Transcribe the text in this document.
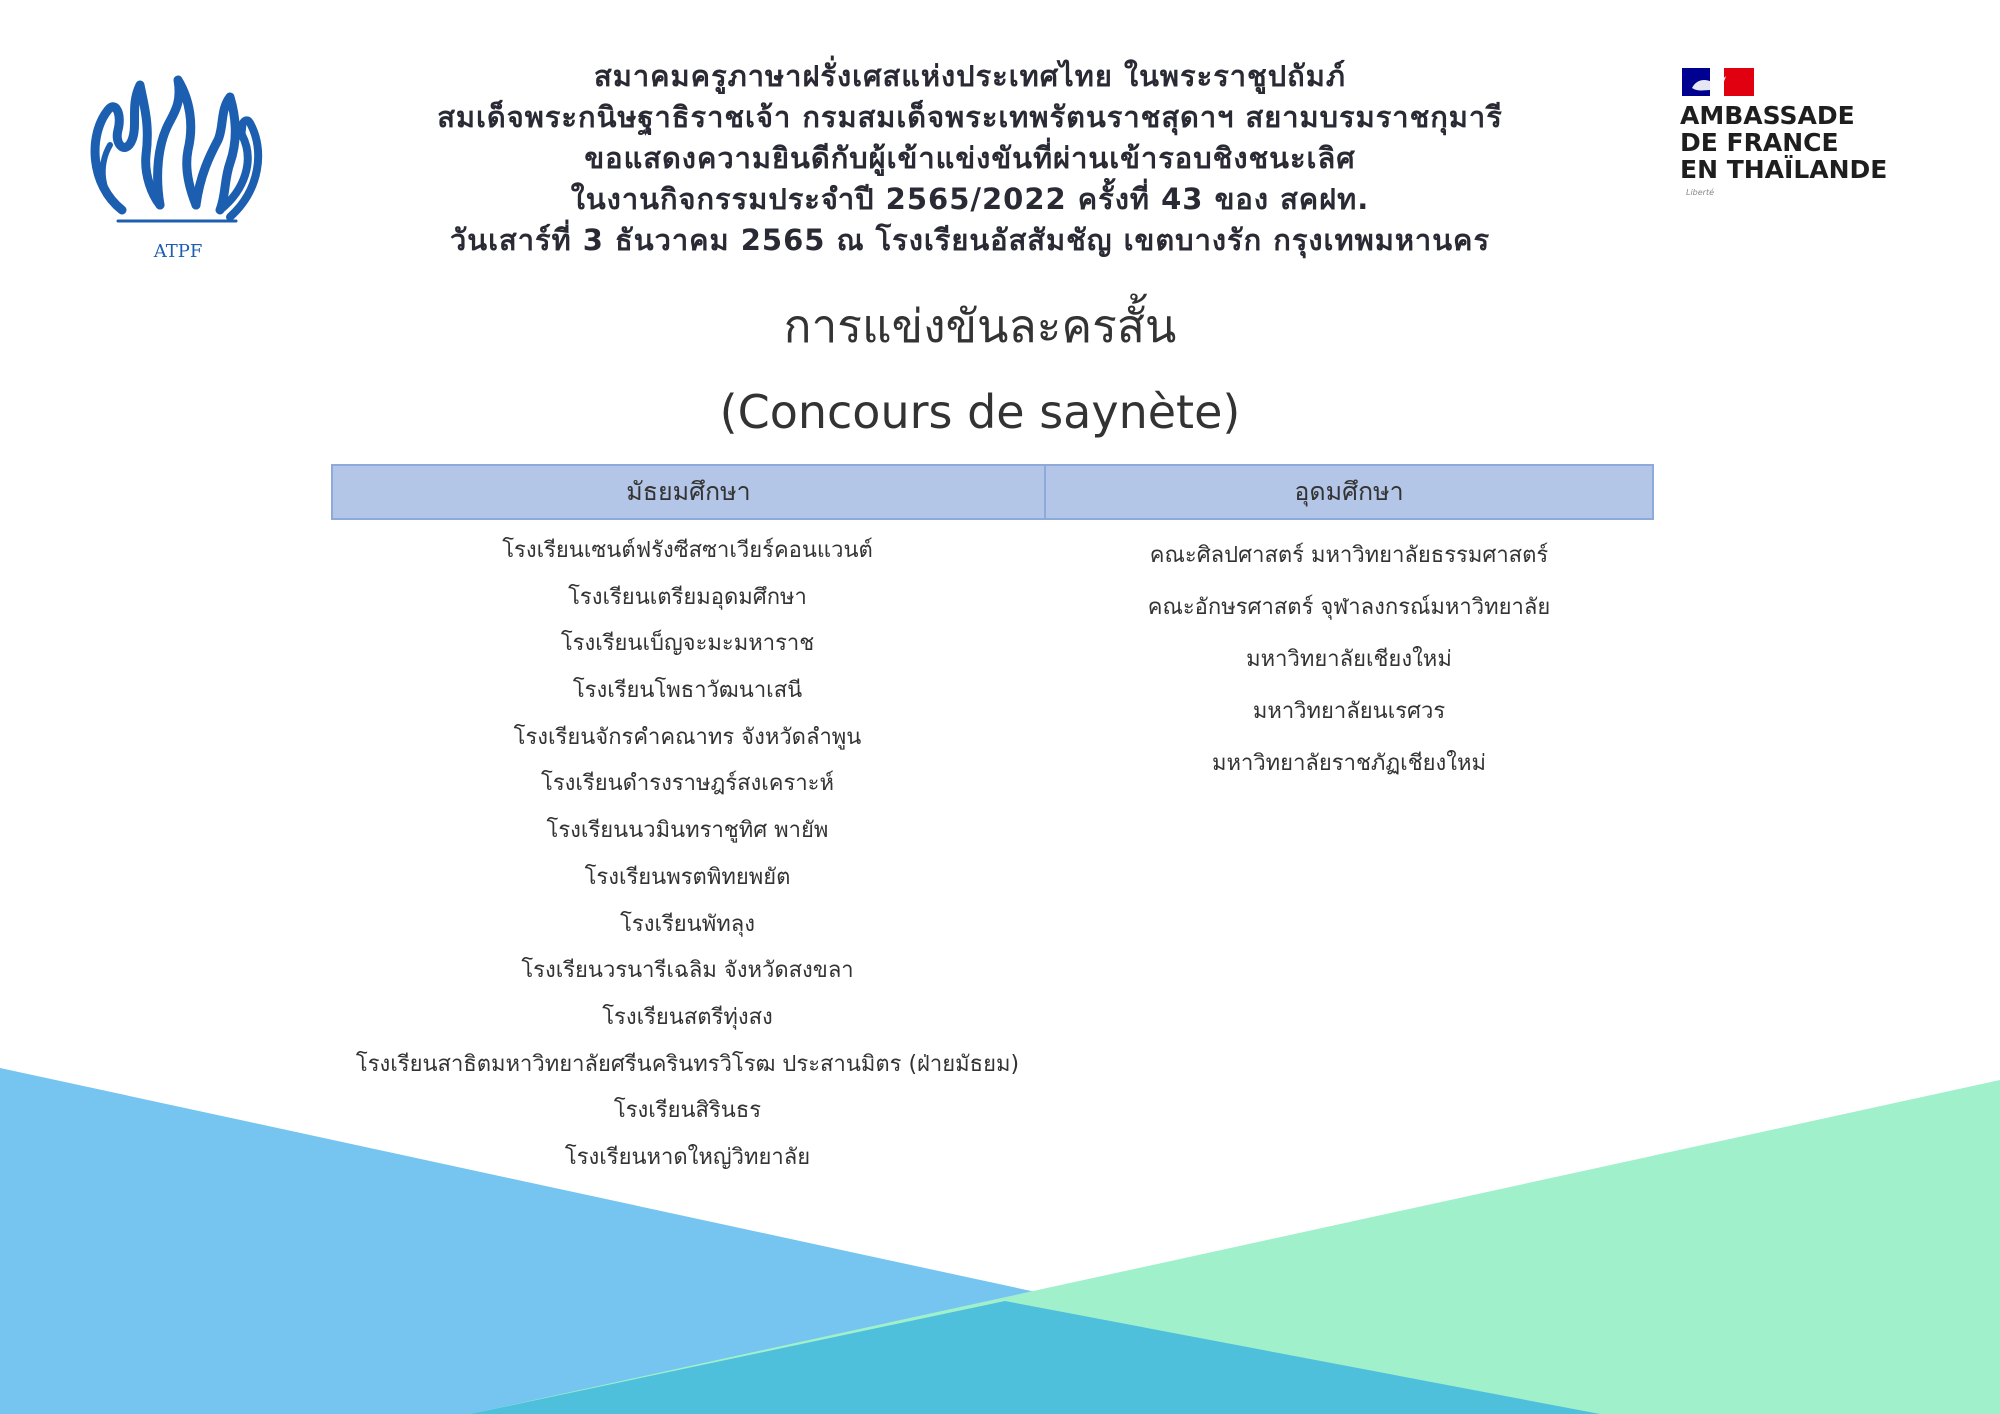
ATPF
AMBASSADE
DE FRANCE
EN THAÏLANDE
Liberté
สมาคมครูภาษาฝรั่งเศสแห่งประเทศไทย ในพระราชูปถัมภ์
สมเด็จพระกนิษฐาธิราชเจ้า กรมสมเด็จพระเทพรัตนราชสุดาฯ สยามบรมราชกุมารี
ขอแสดงความยินดีกับผู้เข้าแข่งขันที่ผ่านเข้ารอบชิงชนะเลิศ
ในงานกิจกรรมประจำปี 2565/2022 ครั้งที่ 43 ของ สคฝท.
วันเสาร์ที่ 3 ธันวาคม 2565 ณ โรงเรียนอัสสัมชัญ เขตบางรัก กรุงเทพมหานคร
การแข่งขันละครสั้น
(Concours de saynète)
มัธยมศึกษา	อุดมศึกษา
โรงเรียนเซนต์ฟรังซีสซาเวียร์คอนแวนต์
โรงเรียนเตรียมอุดมศึกษา
โรงเรียนเบ็ญจะมะมหาราช
โรงเรียนโพธาวัฒนาเสนี
โรงเรียนจักรคำคณาทร จังหวัดลำพูน
โรงเรียนดำรงราษฎร์สงเคราะห์
โรงเรียนนวมินทราชูทิศ พายัพ
โรงเรียนพรตพิทยพยัต
โรงเรียนพัทลุง
โรงเรียนวรนารีเฉลิม จังหวัดสงขลา
โรงเรียนสตรีทุ่งสง
โรงเรียนสาธิตมหาวิทยาลัยศรีนครินทรวิโรฒ ประสานมิตร (ฝ่ายมัธยม)
โรงเรียนสิรินธร
โรงเรียนหาดใหญ่วิทยาลัย
คณะศิลปศาสตร์ มหาวิทยาลัยธรรมศาสตร์
คณะอักษรศาสตร์ จุฬาลงกรณ์มหาวิทยาลัย
มหาวิทยาลัยเชียงใหม่
มหาวิทยาลัยนเรศวร
มหาวิทยาลัยราชภัฏเชียงใหม่
